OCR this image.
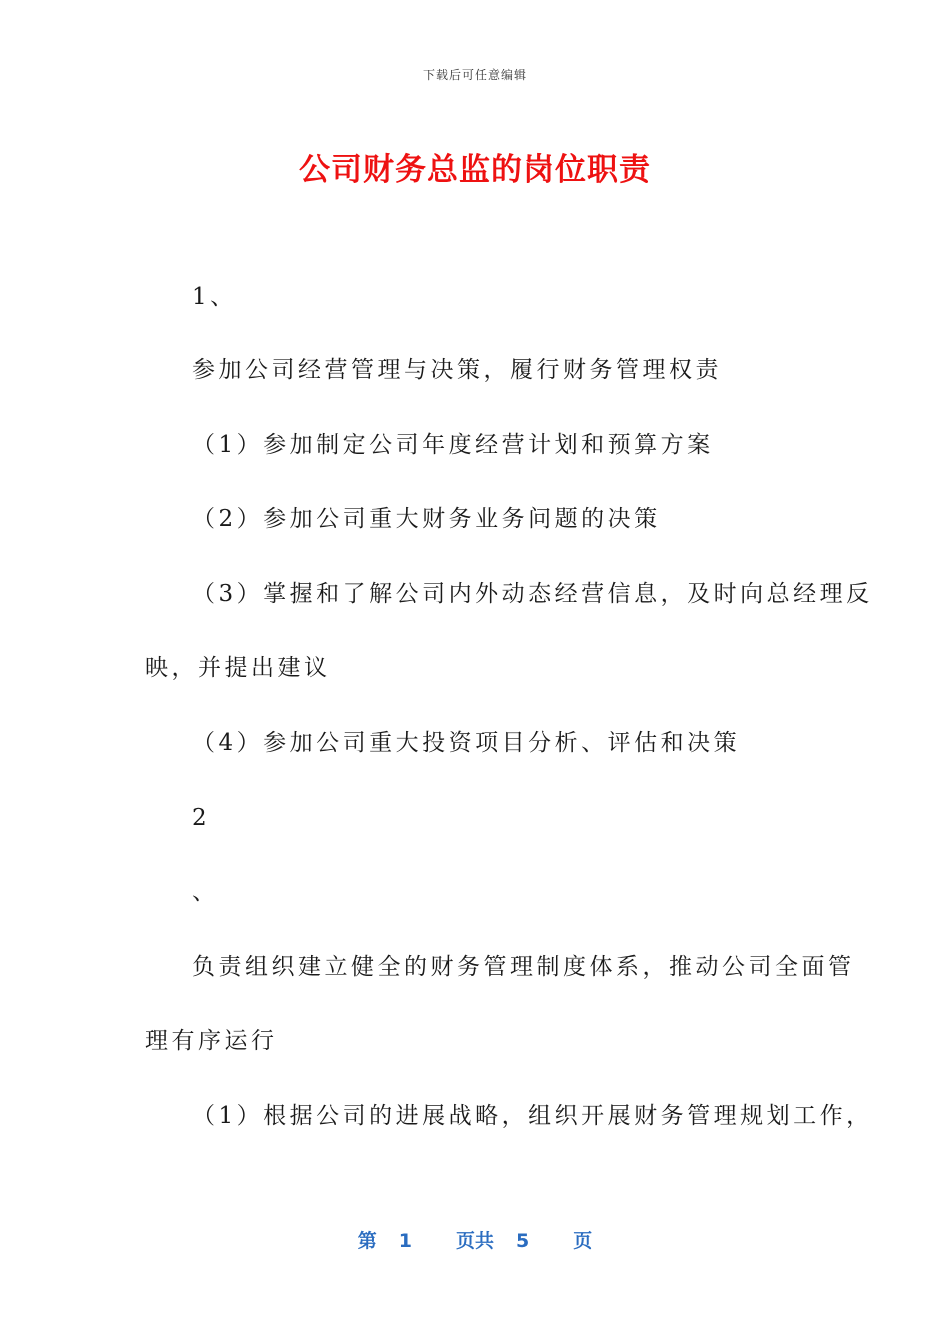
下载后可任意编辑
公司财务总监的岗位职责
1、
参加公司经营管理与决策，履行财务管理权责
（1）参加制定公司年度经营计划和预算方案
（2）参加公司重大财务业务问题的决策
（3）掌握和了解公司内外动态经营信息，及时向总经理反
映，并提出建议
（4）参加公司重大投资项目分析、评估和决策
2
、
负责组织建立健全的财务管理制度体系，推动公司全面管
理有序运行
（1）根据公司的进展战略，组织开展财务管理规划工作，
第 1 页共 5 页
